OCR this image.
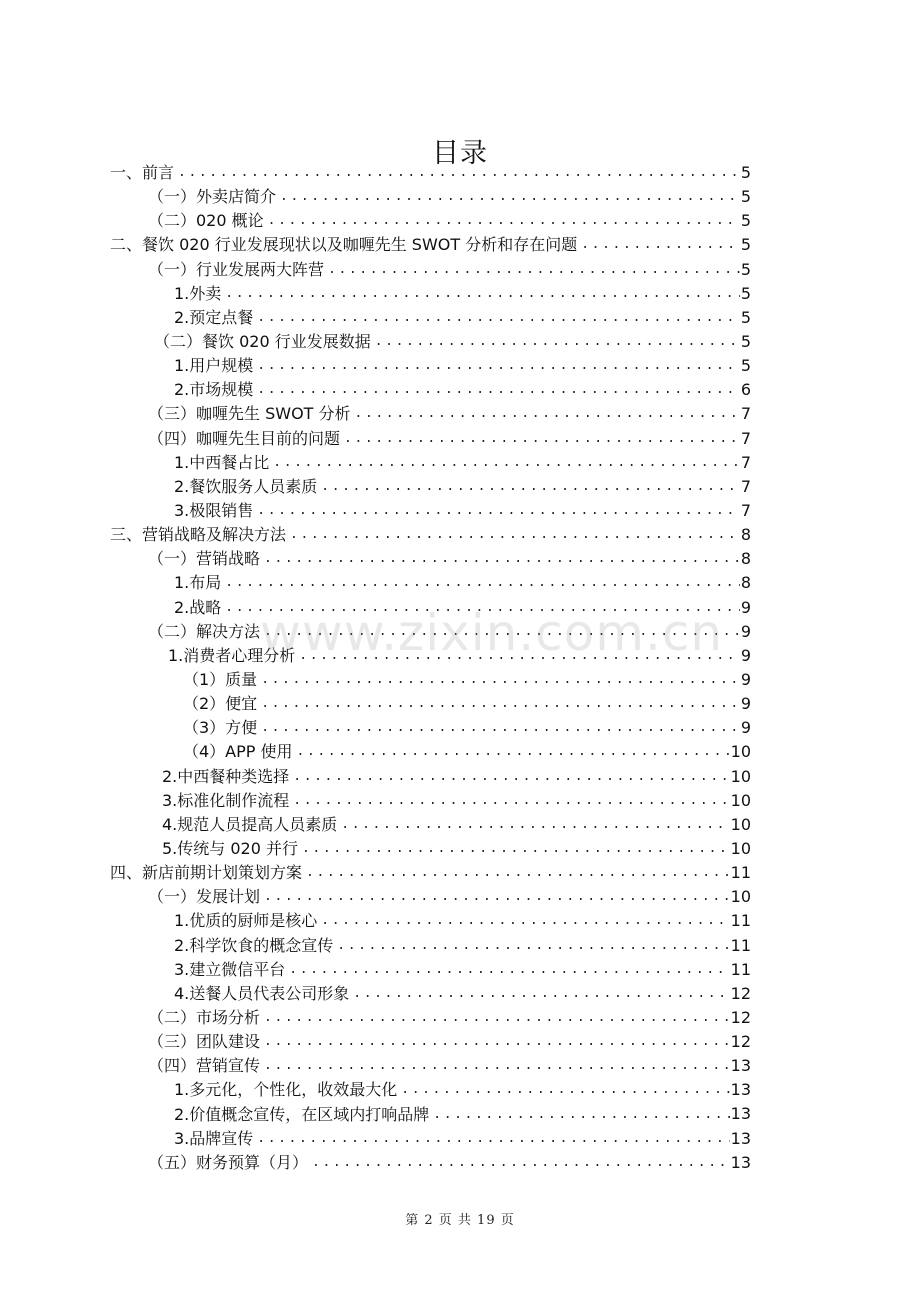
目录
一、前言 .....	5
（一）外卖店简介 .....	5
（二）020 概论 .....	5
二、餐饮 020 行业发展现状以及咖喱先生 SWOT 分析和存在问题 .....	5
（一）行业发展两大阵营 .....	5
1.外卖 .....	5
2.预定点餐 .....	5
（二）餐饮 020 行业发展数据 .....	5
1.用户规模 .....	5
2.市场规模 .....	6
（三）咖喱先生 SWOT 分析 .....	7
（四）咖喱先生目前的问题 .....	7
1.中西餐占比 .....	7
2.餐饮服务人员素质 .....	7
3.极限销售 .....	7
三、营销战略及解决方法 .....	8
（一）营销战略 .....	8
1.布局 .....	8
2.战略 .....	9
（二）解决方法 .....	9
1.消费者心理分析 .....	9
（1）质量 .....	9
（2）便宜 .....	9
（3）方便 .....	9
（4）APP 使用 .....	10
2.中西餐种类选择 .....	10
3.标准化制作流程 .....	10
4.规范人员提高人员素质 .....	10
5.传统与 020 并行 .....	10
四、新店前期计划策划方案 .....	11
（一）发展计划 .....	10
1.优质的厨师是核心 .....	11
2.科学饮食的概念宣传 .....	11
3.建立微信平台 .....	11
4.送餐人员代表公司形象 .....	12
（二）市场分析 .....	12
（三）团队建设 .....	12
（四）营销宣传 .....	13
1.多元化，个性化，收效最大化 .....	13
2.价值概念宣传，在区域内打响品牌 .....	13
3.品牌宣传 .....	13
（五）财务预算（月） .....	13
www.zixin.com.cn
第 2 页 共 19 页
